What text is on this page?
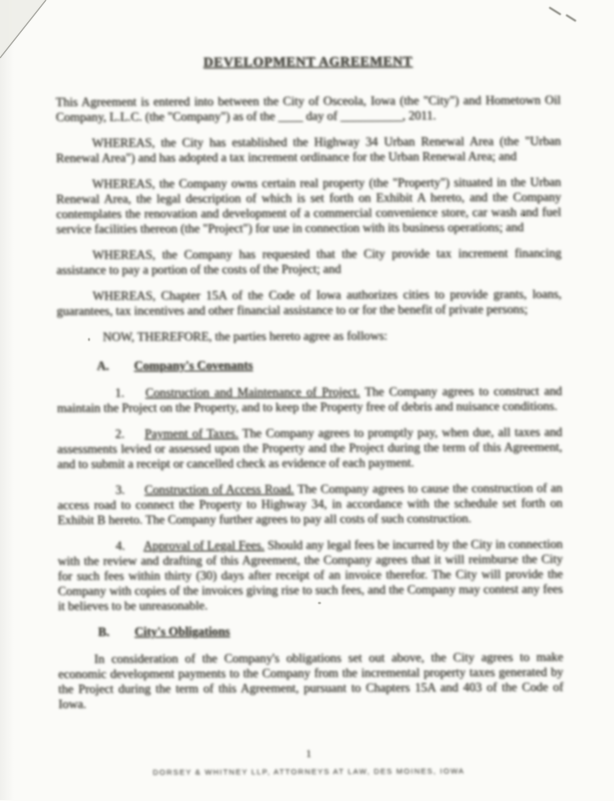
DEVELOPMENT AGREEMENT

This Agreement is entered into between the City of Osceola, Iowa (the "City") and Hometown Oil Company, L.L.C. (the "Company") as of the ____ day of __________, 2011.

WHEREAS, the City has established the Highway 34 Urban Renewal Area (the "Urban Renewal Area") and has adopted a tax increment ordinance for the Urban Renewal Area; and

WHEREAS, the Company owns certain real property (the "Property") situated in the Urban Renewal Area, the legal description of which is set forth on Exhibit A hereto, and the Company contemplates the renovation and development of a commercial convenience store, car wash and fuel service facilities thereon (the "Project") for use in connection with its business operations; and

WHEREAS, the Company has requested that the City provide tax increment financing assistance to pay a portion of the costs of the Project; and

WHEREAS, Chapter 15A of the Code of Iowa authorizes cities to provide grants, loans, guarantees, tax incentives and other financial assistance to or for the benefit of private persons;

NOW, THEREFORE, the parties hereto agree as follows:

A. Company's Covenants

1. Construction and Maintenance of Project. The Company agrees to construct and maintain the Project on the Property, and to keep the Property free of debris and nuisance conditions.

2. Payment of Taxes. The Company agrees to promptly pay, when due, all taxes and assessments levied or assessed upon the Property and the Project during the term of this Agreement, and to submit a receipt or cancelled check as evidence of each payment.

3. Construction of Access Road. The Company agrees to cause the construction of an access road to connect the Property to Highway 34, in accordance with the schedule set forth on Exhibit B hereto. The Company further agrees to pay all costs of such construction.

4. Approval of Legal Fees. Should any legal fees be incurred by the City in connection with the review and drafting of this Agreement, the Company agrees that it will reimburse the City for such fees within thirty (30) days after receipt of an invoice therefor. The City will provide the Company with copies of the invoices giving rise to such fees, and the Company may contest any fees it believes to be unreasonable.

B. City's Obligations

In consideration of the Company's obligations set out above, the City agrees to make economic development payments to the Company from the incremental property taxes generated by the Project during the term of this Agreement, pursuant to Chapters 15A and 403 of the Code of Iowa.

1
DORSEY & WHITNEY LLP, ATTORNEYS AT LAW, DES MOINES, IOWA
